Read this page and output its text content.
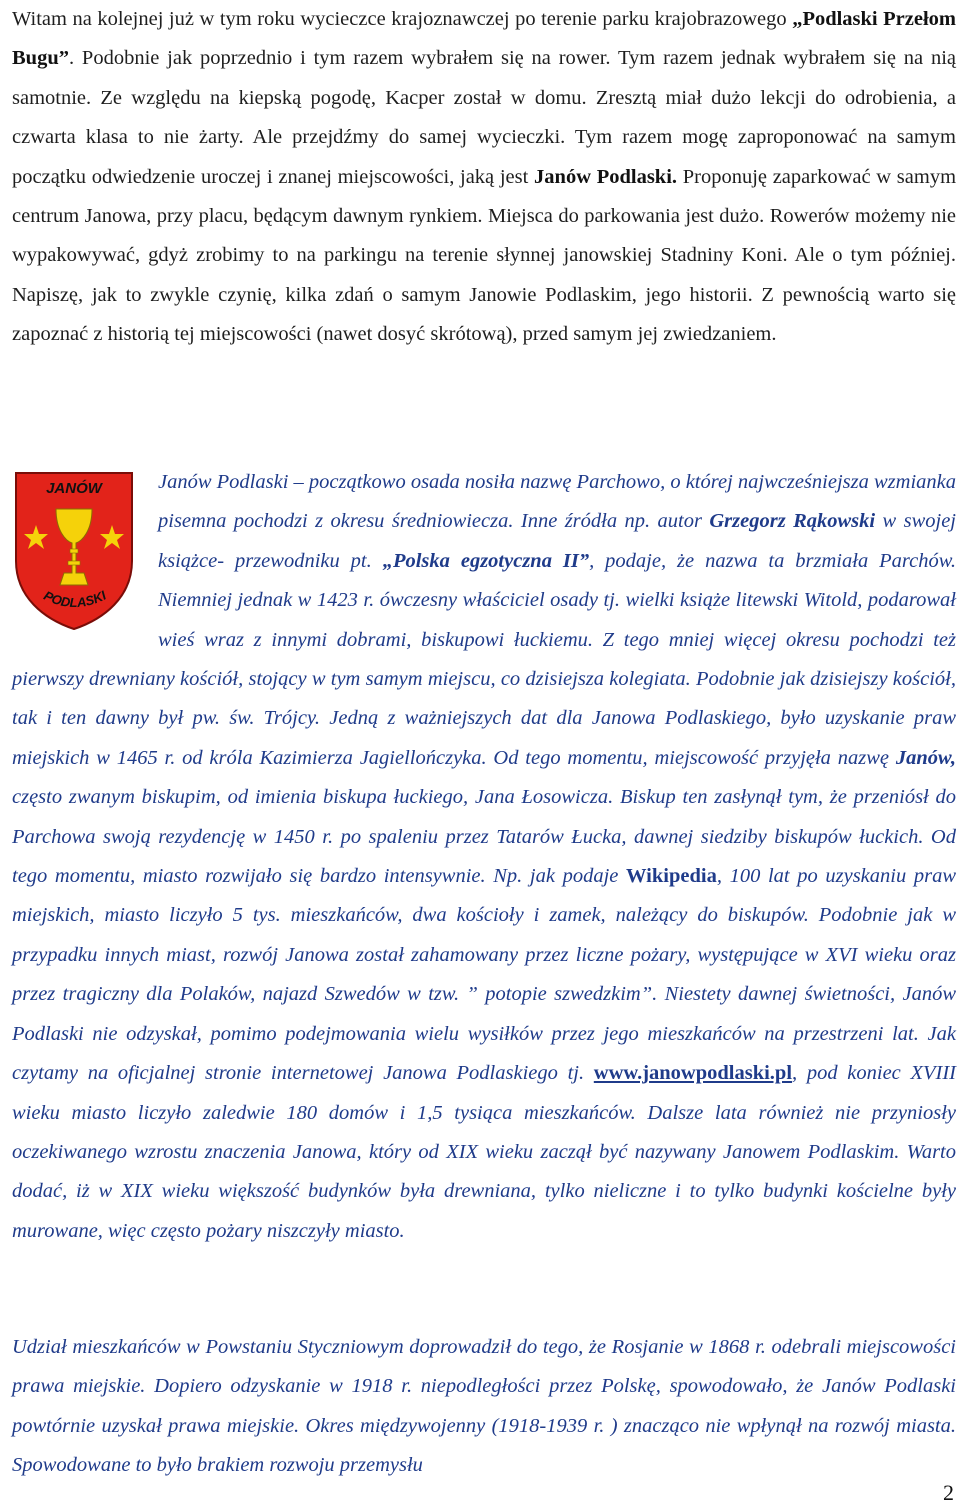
Witam na kolejnej już w tym roku wycieczce krajoznawczej po terenie parku krajobrazowego „Podlaski Przełom Bugu”. Podobnie jak poprzednio i tym razem wybrałem się na rower. Tym razem jednak wybrałem się na nią samotnie. Ze względu na kiepską pogodę, Kacper został w domu. Zresztą miał dużo lekcji do odrobienia, a czwarta klasa to nie żarty. Ale przejdźmy do samej wycieczki. Tym razem mogę zaproponować na samym początku odwiedzenie uroczej i znanej miejscowości, jaką jest Janów Podlaski. Proponuję zaparkować w samym centrum Janowa, przy placu, będącym dawnym rynkiem. Miejsca do parkowania jest dużo. Rowerów możemy nie wypakowywać, gdyż zrobimy to na parkingu na terenie słynnej janowskiej Stadniny Koni. Ale o tym później. Napiszę, jak to zwykle czynię, kilka zdań o samym Janowie Podlaskim, jego historii. Z pewnością warto się zapoznać z historią tej miejscowości (nawet dosyć skrótową), przed samym jej zwiedzaniem.

JANÓW
PODLASKI
Janów Podlaski – początkowo osada nosiła nazwę Parchowo, o której najwcześniejsza wzmianka pisemna pochodzi z okresu średniowiecza. Inne źródła np. autor Grzegorz Rąkowski w swojej książce- przewodniku pt. „Polska egzotyczna II”, podaje, że nazwa ta brzmiała Parchów. Niemniej jednak w 1423 r. ówczesny właściciel osady tj. wielki książe litewski Witold, podarował wieś wraz z innymi dobrami, biskupowi łuckiemu. Z tego mniej więcej okresu pochodzi też pierwszy drewniany kościół, stojący w tym samym miejscu, co dzisiejsza kolegiata. Podobnie jak dzisiejszy kościół, tak i ten dawny był pw. św. Trójcy. Jedną z ważniejszych dat dla Janowa Podlaskiego, było uzyskanie praw miejskich w 1465 r. od króla Kazimierza Jagiellończyka. Od tego momentu, miejscowość przyjęła nazwę Janów, często zwanym biskupim, od imienia biskupa łuckiego, Jana Łosowicza. Biskup ten zasłynął tym, że przeniósł do Parchowa swoją rezydencję w 1450 r. po spaleniu przez Tatarów Łucka, dawnej siedziby biskupów łuckich. Od tego momentu, miasto rozwijało się bardzo intensywnie. Np. jak podaje Wikipedia, 100 lat po uzyskaniu praw miejskich, miasto liczyło 5 tys. mieszkańców, dwa kościoły i zamek, należący do biskupów. Podobnie jak w przypadku innych miast, rozwój Janowa został zahamowany przez liczne pożary, występujące w XVI wieku oraz przez tragiczny dla Polaków, najazd Szwedów w tzw. ” potopie szwedzkim”. Niestety dawnej świetności, Janów Podlaski nie odzyskał, pomimo podejmowania wielu wysiłków przez jego mieszkańców na przestrzeni lat. Jak czytamy na oficjalnej stronie internetowej Janowa Podlaskiego tj. www.janowpodlaski.pl, pod koniec XVIII wieku miasto liczyło zaledwie 180 domów i 1,5 tysiąca mieszkańców. Dalsze lata również nie przyniosły oczekiwanego wzrostu znaczenia Janowa, który od XIX wieku zaczął być nazywany Janowem Podlaskim. Warto dodać, iż w XIX wieku większość budynków była drewniana, tylko nieliczne i to tylko budynki kościelne były murowane, więc często pożary niszczyły miasto.

Udział mieszkańców w Powstaniu Styczniowym doprowadził do tego, że Rosjanie w 1868 r. odebrali miejscowości prawa miejskie. Dopiero odzyskanie w 1918 r. niepodległości przez Polskę, spowodowało, że Janów Podlaski powtórnie uzyskał prawa miejskie. Okres międzywojenny (1918-1939 r. ) znacząco nie wpłynął na rozwój miasta. Spowodowane to było brakiem rozwoju przemysłu

2
